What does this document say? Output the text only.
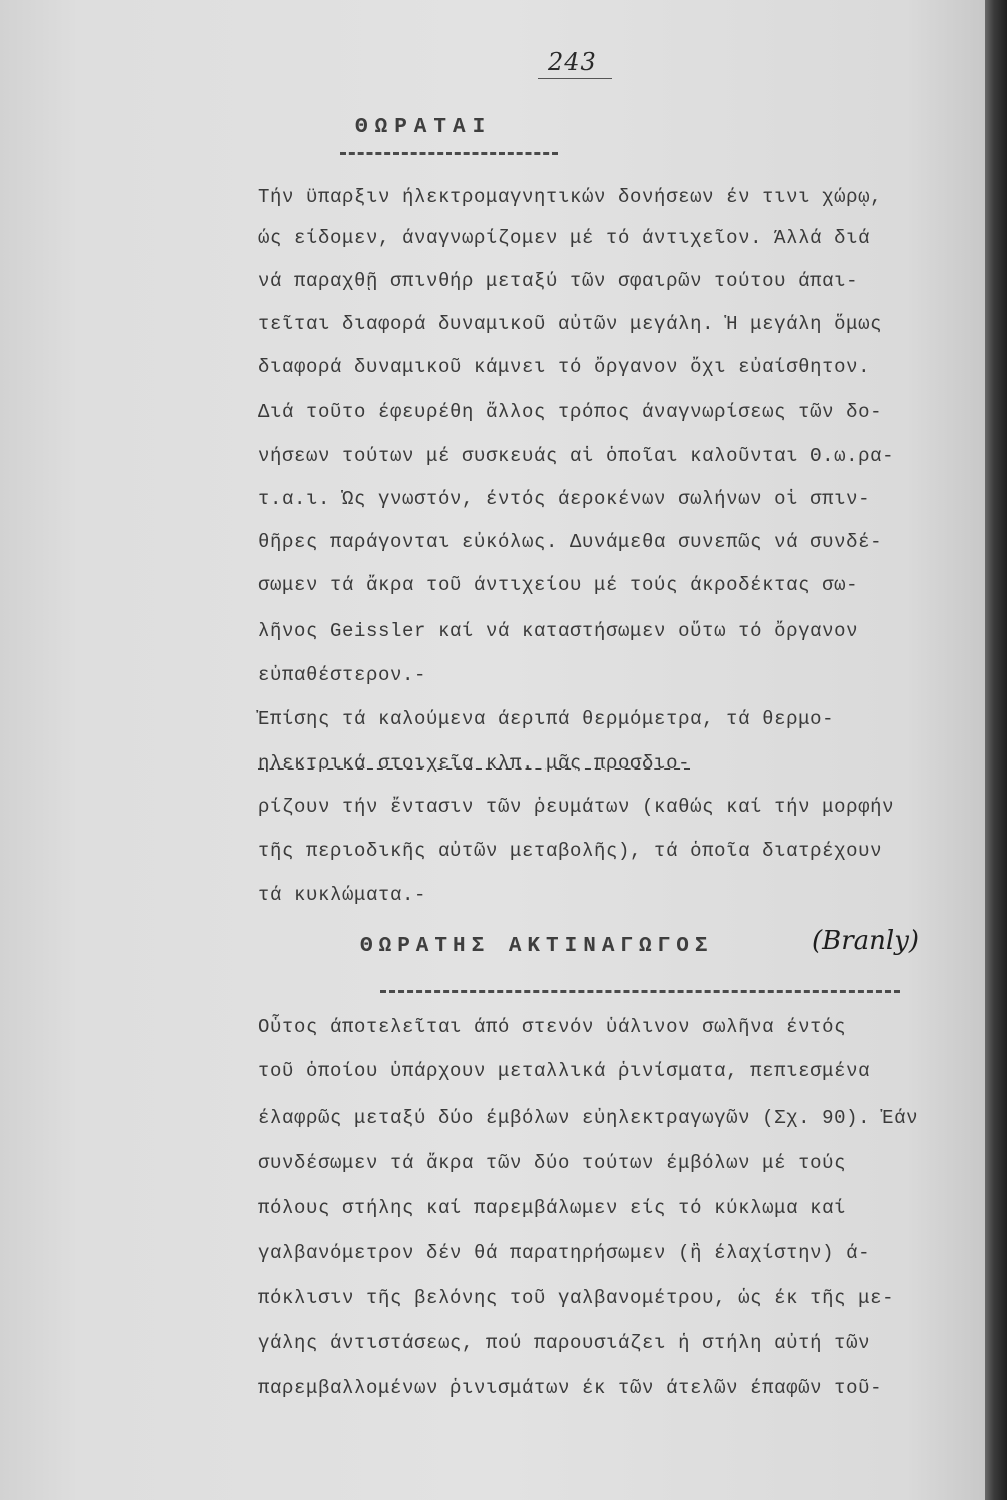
243
ΘΩΡΑΤΑΙ
Τήν ϋπαρξιν ήλεκτρομαγνητικών δονήσεων έν τινι χώρῳ,
ώς είδομεν, άναγνωρίζομεν μέ τό άντιχεῖον. Άλλά διά
νά παραχθῇ σπινθήρ μεταξύ τῶν σφαιρῶν τούτου άπαι-
τεῖται διαφορά δυναμικοῦ αὐτῶν μεγάλη. Ἡ μεγάλη ὅμως
διαφορά δυναμικοῦ κάμνει τό ὄργανον ὄχι εὐαίσθητον.
Διά τοῦτο έφευρέθη ἄλλος τρόπος άναγνωρίσεως τῶν δο-
νήσεων τούτων μέ συσκευάς αἱ ὁποῖαι καλοῦνται Θ.ω.ρα-
τ.α.ι. Ὡς γνωστόν, έντός άεροκένων σωλήνων οἱ σπιν-
θῆρες παράγονται εὐκόλως. Δυνάμεθα συνεπῶς νά συνδέ-
σωμεν τά ἄκρα τοῦ άντιχείου μέ τούς άκροδέκτας σω-
λῆνος Geissler καί νά καταστήσωμεν οὕτω τό ὄργανον
εὐπαθέστερον.-
Ἐπίσης τά καλούμενα άεριπά θερμόμετρα, τά θερμο-
ηλεκτρικά στοιχεῖα κλπ. μᾶς προσδιο-
ρίζουν τήν ἔντασιν τῶν ῥευμάτων (καθώς καί τήν μορφήν
τῆς περιοδικῆς αὐτῶν μεταβολῆς), τά ὁποῖα διατρέχουν
τά κυκλώματα.-
ΘΩΡΑΤΗΣ ΑΚΤΙΝΑΓΩΓΟΣ	(Branly)
Οὗτος άποτελεῖται άπό στενόν ὑάλινον σωλῆνα έντός
τοῦ ὁποίου ὑπάρχουν μεταλλικά ῥινίσματα, πεπιεσμένα
έλαφρῶς μεταξύ δύο έμβόλων εὐηλεκτραγωγῶν (Σχ. 90). Ἐάν
συνδέσωμεν τά ἄκρα τῶν δύο τούτων έμβόλων μέ τούς
πόλους στήλης καί παρεμβάλωμεν είς τό κύκλωμα καί
γαλβανόμετρον δέν θά παρατηρήσωμεν (ἢ έλαχίστην) ά-
πόκλισιν τῆς βελόνης τοῦ γαλβανομέτρου, ὡς έκ τῆς με-
γάλης άντιστάσεως, πού παρουσιάζει ἡ στήλη αὐτή τῶν
παρεμβαλλομένων ῥινισμάτων έκ τῶν άτελῶν έπαφῶν τοῦ-
